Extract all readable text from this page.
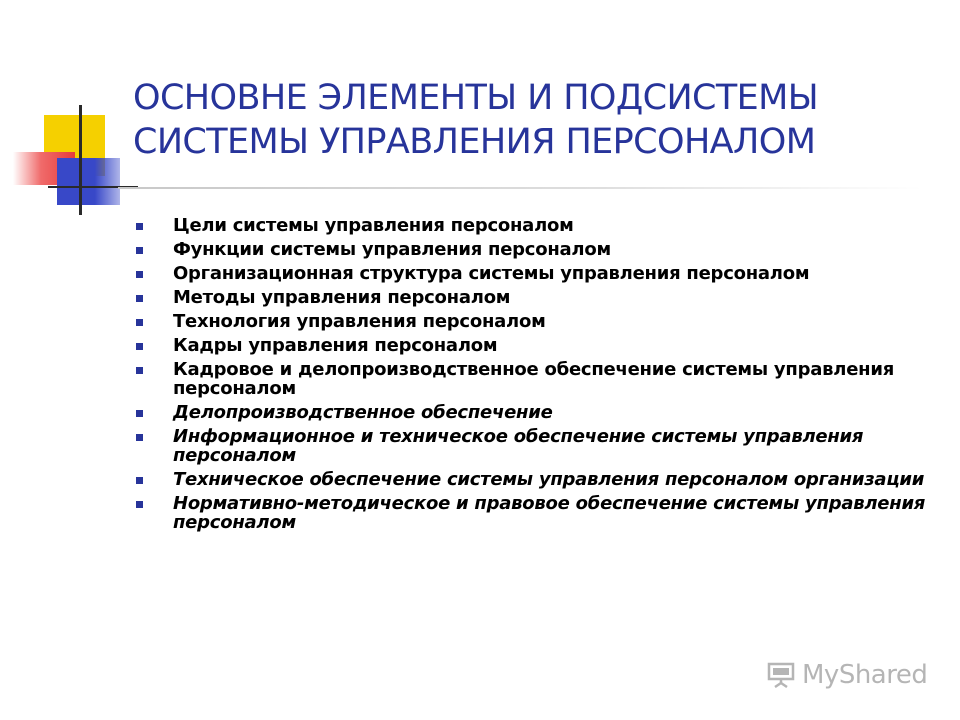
ОСНОВНЕ ЭЛЕМЕНТЫ И ПОДСИСТЕМЫ
СИСТЕМЫ УПРАВЛЕНИЯ ПЕРСОНАЛОМ
Цели системы управления персоналом
Функции системы управления персоналом
Организационная структура системы управления персоналом
Методы управления персоналом
Технология управления персоналом
Кадры управления персоналом
Кадровое и делопроизводственное обеспечение системы управления персоналом
Делопроизводственное обеспечение
Информационное и техническое обеспечение системы управления персоналом
Техническое обеспечение системы управления персоналом организации
Нормативно-методическое и правовое обеспечение системы управления персоналом
MyShared
